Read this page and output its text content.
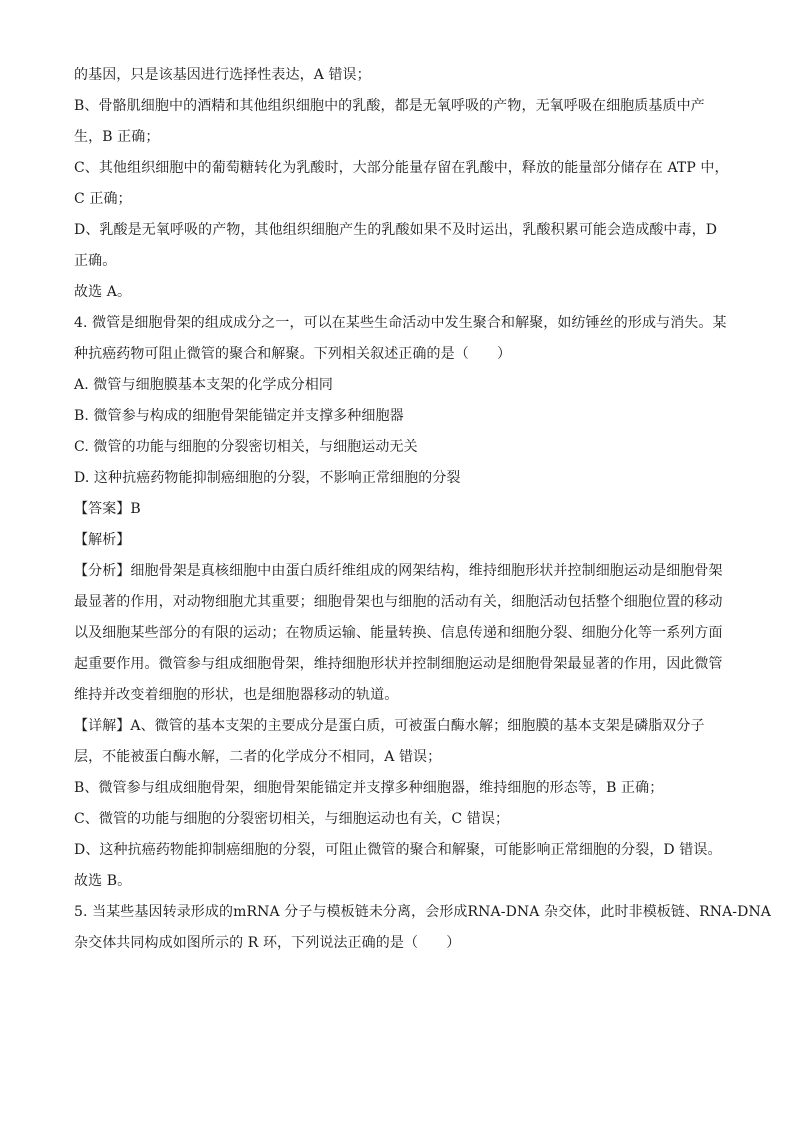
的基因，只是该基因进行选择性表达，A 错误；
B、骨骼肌细胞中的酒精和其他组织细胞中的乳酸，都是无氧呼吸的产物，无氧呼吸在细胞质基质中产
生，B 正确；
C、其他组织细胞中的葡萄糖转化为乳酸时，大部分能量存留在乳酸中，释放的能量部分储存在 ATP 中，
C 正确；
D、乳酸是无氧呼吸的产物，其他组织细胞产生的乳酸如果不及时运出，乳酸积累可能会造成酸中毒，D
正确。
故选 A。
4. 微管是细胞骨架的组成成分之一，可以在某些生命活动中发生聚合和解聚，如纺锤丝的形成与消失。某
种抗癌药物可阻止微管的聚合和解聚。下列相关叙述正确的是（　　）
A. 微管与细胞膜基本支架的化学成分相同
B. 微管参与构成的细胞骨架能锚定并支撑多种细胞器
C. 微管的功能与细胞的分裂密切相关，与细胞运动无关
D. 这种抗癌药物能抑制癌细胞的分裂，不影响正常细胞的分裂
【答案】B
【解析】
【分析】细胞骨架是真核细胞中由蛋白质纤维组成的网架结构，维持细胞形状并控制细胞运动是细胞骨架
最显著的作用，对动物细胞尤其重要；细胞骨架也与细胞的活动有关，细胞活动包括整个细胞位置的移动
以及细胞某些部分的有限的运动；在物质运输、能量转换、信息传递和细胞分裂、细胞分化等一系列方面
起重要作用。微管参与组成细胞骨架，维持细胞形状并控制细胞运动是细胞骨架最显著的作用，因此微管
维持并改变着细胞的形状，也是细胞器移动的轨道。
【详解】A、微管的基本支架的主要成分是蛋白质，可被蛋白酶水解；细胞膜的基本支架是磷脂双分子
层，不能被蛋白酶水解，二者的化学成分不相同，A 错误；
B、微管参与组成细胞骨架，细胞骨架能锚定并支撑多种细胞器，维持细胞的形态等，B 正确；
C、微管的功能与细胞的分裂密切相关，与细胞运动也有关，C 错误；
D、这种抗癌药物能抑制癌细胞的分裂，可阻止微管的聚合和解聚，可能影响正常细胞的分裂，D 错误。
故选 B。
5. 当某些基因转录形成的mRNA 分子与模板链未分离，会形成RNA-DNA 杂交体，此时非模板链、RNA-DNA
杂交体共同构成如图所示的 R 环，下列说法正确的是（　　）
